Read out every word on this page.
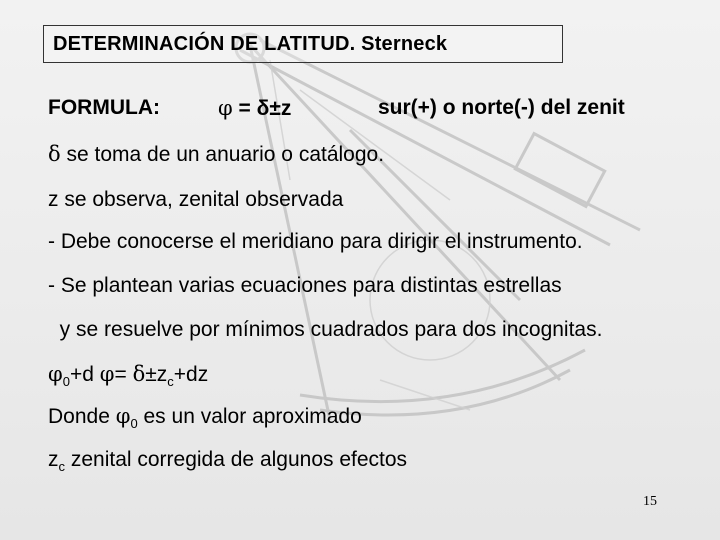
DETERMINACIÓN DE LATITUD. Sterneck
FORMULA:	φ = δ±z	sur(+) o norte(-) del zenit
δ se toma de un anuario o catálogo.
z se observa, zenital observada
- Debe conocerse el meridiano para dirigir el instrumento.
- Se plantean varias ecuaciones para distintas estrellas
y se resuelve por mínimos cuadrados para dos incognitas.
$\varphi_0+d$ $\varphi= \delta\pm z_c+dz$
Donde $\varphi_0$ es un valor aproximado
$z_c$ zenital corregida de algunos efectos
15
